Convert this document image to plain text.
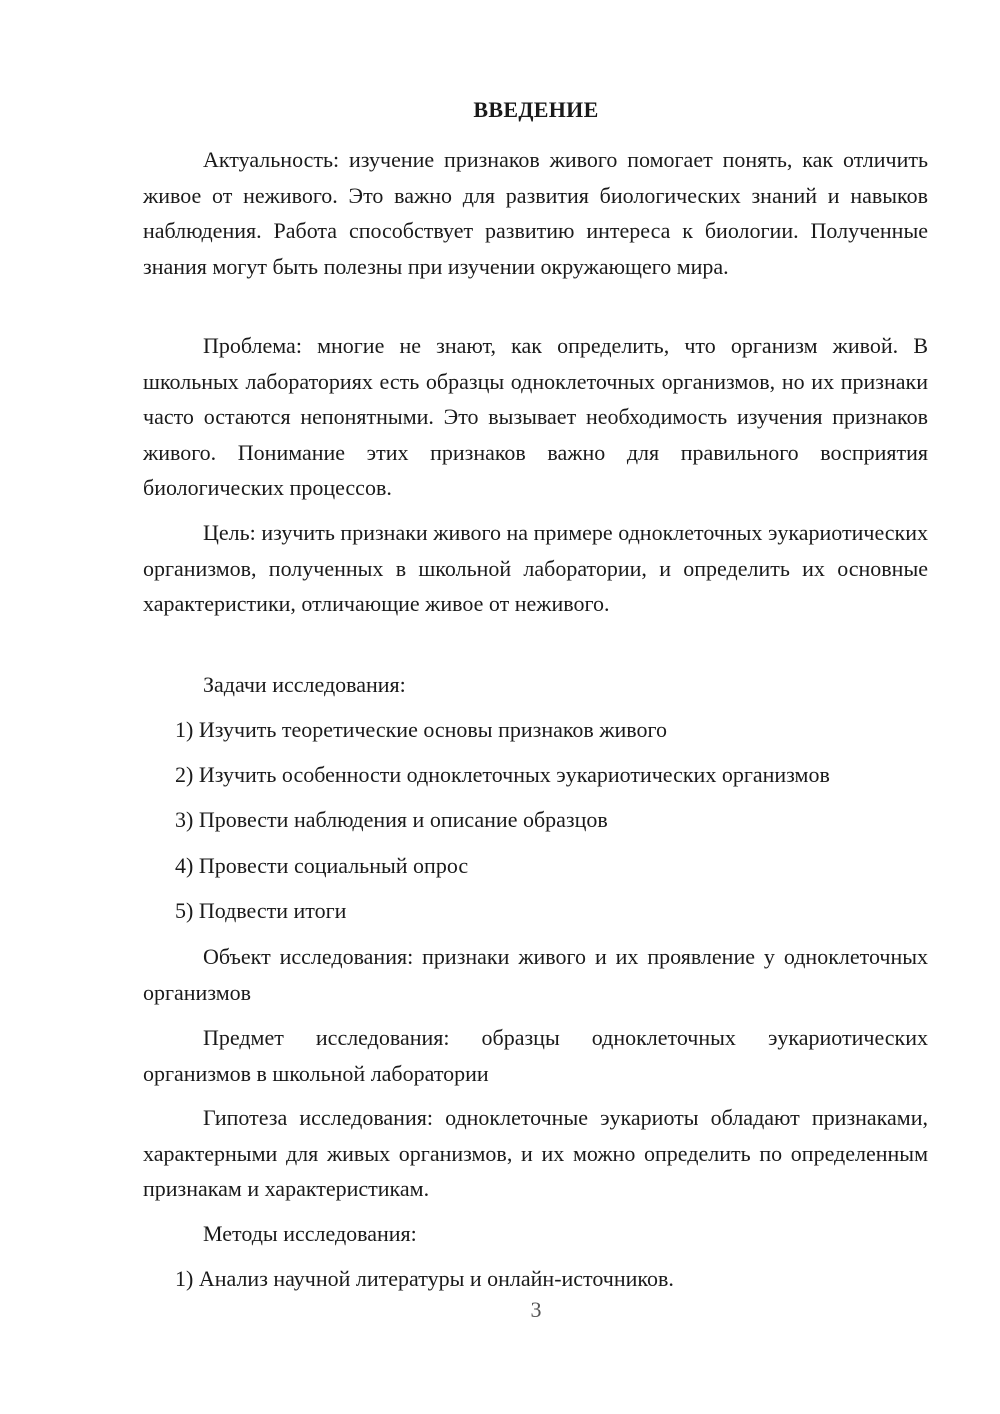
ВВЕДЕНИЕ

Актуальность: изучение признаков живого помогает понять, как отличить живое от неживого. Это важно для развития биологических знаний и навыков наблюдения. Работа способствует развитию интереса к биологии. Полученные знания могут быть полезны при изучении окружающего мира.

Проблема: многие не знают, как определить, что организм живой. В школьных лабораториях есть образцы одноклеточных организмов, но их признаки часто остаются непонятными. Это вызывает необходимость изучения признаков живого. Понимание этих признаков важно для правильного восприятия биологических процессов.

Цель: изучить признаки живого на примере одноклеточных эукариотических организмов, полученных в школьной лаборатории, и определить их основные характеристики, отличающие живое от неживого.

Задачи исследования:

1) Изучить теоретические основы признаков живого

2) Изучить особенности одноклеточных эукариотических организмов

3) Провести наблюдения и описание образцов

4) Провести социальный опрос

5) Подвести итоги

Объект исследования: признаки живого и их проявление у одноклеточных организмов

Предмет исследования: образцы одноклеточных эукариотических организмов в школьной лаборатории

Гипотеза исследования: одноклеточные эукариоты обладают признаками, характерными для живых организмов, и их можно определить по определенным признакам и характеристикам.

Методы исследования:

1) Анализ научной литературы и онлайн-источников.

3
